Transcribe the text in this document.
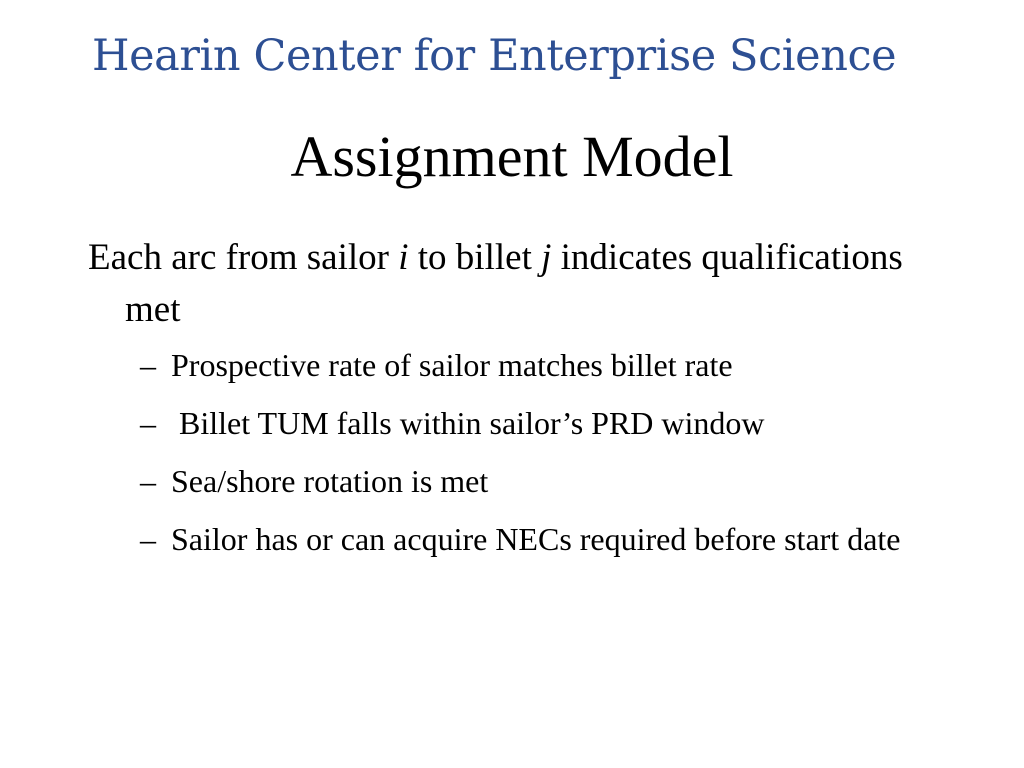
Hearin Center for Enterprise Science
Assignment Model

Each arc from sailor i to billet j indicates qualifications met

– Prospective rate of sailor matches billet rate
– Billet TUM falls within sailor’s PRD window
– Sea/shore rotation is met
– Sailor has or can acquire NECs required before start date
